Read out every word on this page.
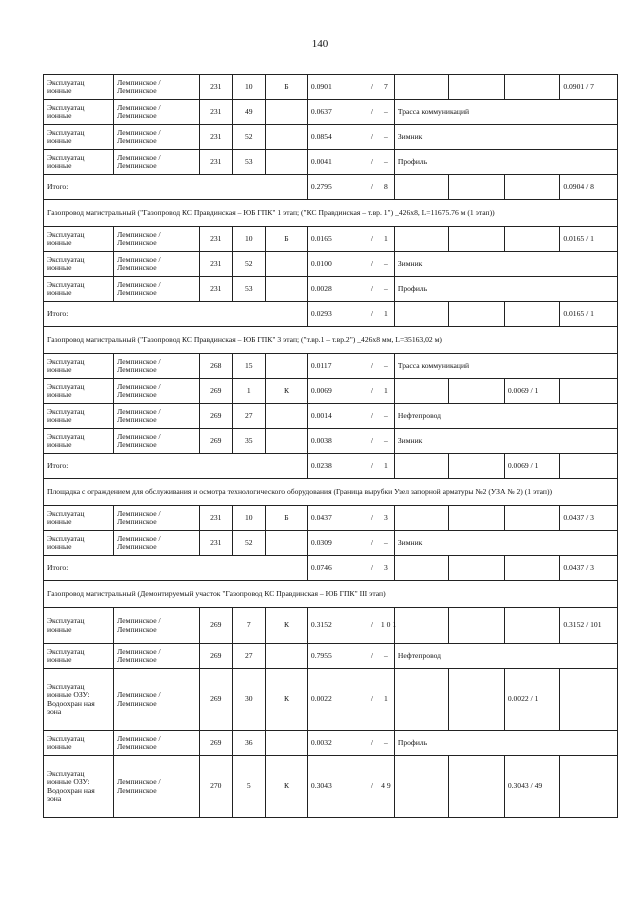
140
Эксплуатац ионные	Лемпинское / Лемпинское	231	10	Б	0.0901 / 7				0.0901 / 7
Эксплуатац ионные	Лемпинское / Лемпинское	231	49		0.0637 / –	Трасса коммуникаций			
Эксплуатац ионные	Лемпинское / Лемпинское	231	52		0.0854 / –	Зимник			
Эксплуатац ионные	Лемпинское / Лемпинское	231	53		0.0041 / –	Профиль			
Итого:					0.2795 / 8				0.0904 / 8
Газопровод магистральный ("Газопровод КС Правдинская – ЮБ ГПК" 1 этап; ("КС Правдинская – т.вр. 1") _426х8, L=11675.76 м (1 этап))									
Эксплуатац ионные	Лемпинское / Лемпинское	231	10	Б	0.0165 / 1				0.0165 / 1
Эксплуатац ионные	Лемпинское / Лемпинское	231	52		0.0100 / –	Зимник			
Эксплуатац ионные	Лемпинское / Лемпинское	231	53		0.0028 / –	Профиль			
Итого:					0.0293 / 1				0.0165 / 1
Газопровод магистральный ("Газопровод КС Правдинская – ЮБ ГПК" 3 этап; ("т.вр.1 – т.вр.2") _426х8 мм, L=35163,02 м)									
Эксплуатац ионные	Лемпинское / Лемпинское	268	15		0.0117 / –	Трасса коммуникаций			
Эксплуатац ионные	Лемпинское / Лемпинское	269	1	К	0.0069 / 1			0.0069 / 1	
Эксплуатац ионные	Лемпинское / Лемпинское	269	27		0.0014 / –	Нефтепровод			
Эксплуатац ионные	Лемпинское / Лемпинское	269	35		0.0038 / –	Зимник			
Итого:					0.0238 / 1			0.0069 / 1	
Площадка с ограждением для обслуживания и осмотра технологического оборудования (Граница вырубки Узел запорной арматуры №2 (УЗА № 2) (1 этап))									
Эксплуатац ионные	Лемпинское / Лемпинское	231	10	Б	0.0437 / 3				0.0437 / 3
Эксплуатац ионные	Лемпинское / Лемпинское	231	52		0.0309 / –	Зимник			
Итого:					0.0746 / 3				0.0437 / 3
Газопровод магистральный (Демонтируемый участок "Газопровод КС Правдинская – ЮБ ГПК" III этап)									
Эксплуатац ионные	Лемпинское / Лемпинское	269	7	К	0.3152 / 1 0 1				0.3152 / 101
Эксплуатац ионные	Лемпинское / Лемпинское	269	27		0.7955 / –	Нефтепровод			
Эксплуатац ионные ОЗУ: Водоохран ная зона	Лемпинское / Лемпинское	269	30	К	0.0022 / 1			0.0022 / 1	
Эксплуатац ионные	Лемпинское / Лемпинское	269	36		0.0032 / –	Профиль			
Эксплуатац ионные ОЗУ: Водоохран ная зона	Лемпинское / Лемпинское	270	5	К	0.3043 / 4 9			0.3043 / 49	
